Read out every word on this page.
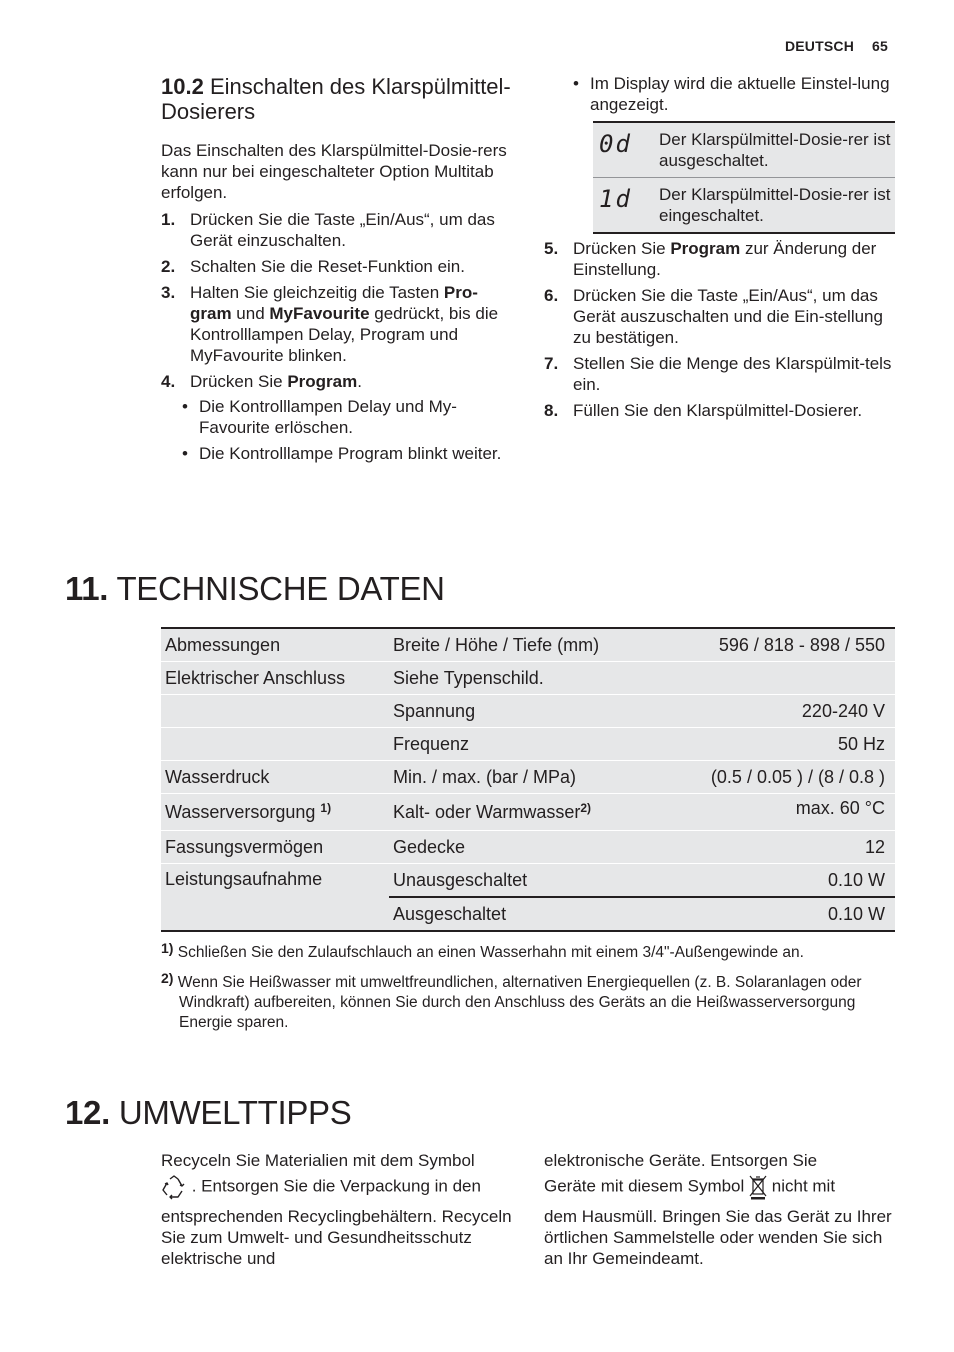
DEUTSCH 65
10.2 Einschalten des Klarspülmittel-Dosierers

Das Einschalten des Klarspülmittel-Dosie-rers kann nur bei eingeschalteter Option Multitab erfolgen.

1. Drücken Sie die Taste „Ein/Aus“, um das Gerät einzuschalten.
2. Schalten Sie die Reset-Funktion ein.
3. Halten Sie gleichzeitig die Tasten Pro-gram und MyFavourite gedrückt, bis die Kontrolllampen Delay, Program und MyFavourite blinken.
4. Drücken Sie Program.
• Die Kontrolllampen Delay und My-Favourite erlöschen.
• Die Kontrolllampe Program blinkt weiter.
• Im Display wird die aktuelle Einstel-lung angezeigt.
0d	Der Klarspülmittel-Dosie-rer ist ausgeschaltet.
1d	Der Klarspülmittel-Dosie-rer ist eingeschaltet.
5. Drücken Sie Program zur Änderung der Einstellung.
6. Drücken Sie die Taste „Ein/Aus“, um das Gerät auszuschalten und die Ein-stellung zu bestätigen.
7. Stellen Sie die Menge des Klarspülmit-tels ein.
8. Füllen Sie den Klarspülmittel-Dosierer.
11. TECHNISCHE DATEN
Abmessungen	Breite / Höhe / Tiefe (mm)	596 / 818 - 898 / 550
Elektrischer Anschluss	Siehe Typenschild.	
	Spannung	220-240 V
	Frequenz	50 Hz
Wasserdruck	Min. / max. (bar / MPa)	(0.5 / 0.05 ) / (8 / 0.8 )
Wasserversorgung $^{1)}$	Kalt- oder Warmwasser$^{2)}$	max. 60 °C
Fassungsvermögen	Gedecke	12
Leistungsaufnahme	Unausgeschaltet	0.10 W
	Ausgeschaltet	0.10 W
1) Schließen Sie den Zulaufschlauch an einen Wasserhahn mit einem 3/4"-Außengewinde an.
2) Wenn Sie Heißwasser mit umweltfreundlichen, alternativen Energiequellen (z. B. Solaranlagen oder Windkraft) aufbereiten, können Sie durch den Anschluss des Geräts an die Heißwasserversorgung Energie sparen.
12. UMWELTTIPPS

Recyceln Sie Materialien mit dem Symbol

. Entsorgen Sie die Verpackung in den

entsprechenden Recyclingbehältern. Recyceln Sie zum Umwelt- und Gesundheitsschutz elektrische und

elektronische Geräte. Entsorgen Sie

Geräte mit diesem Symbol nicht mit

dem Hausmüll. Bringen Sie das Gerät zu Ihrer örtlichen Sammelstelle oder wenden Sie sich an Ihr Gemeindeamt.
